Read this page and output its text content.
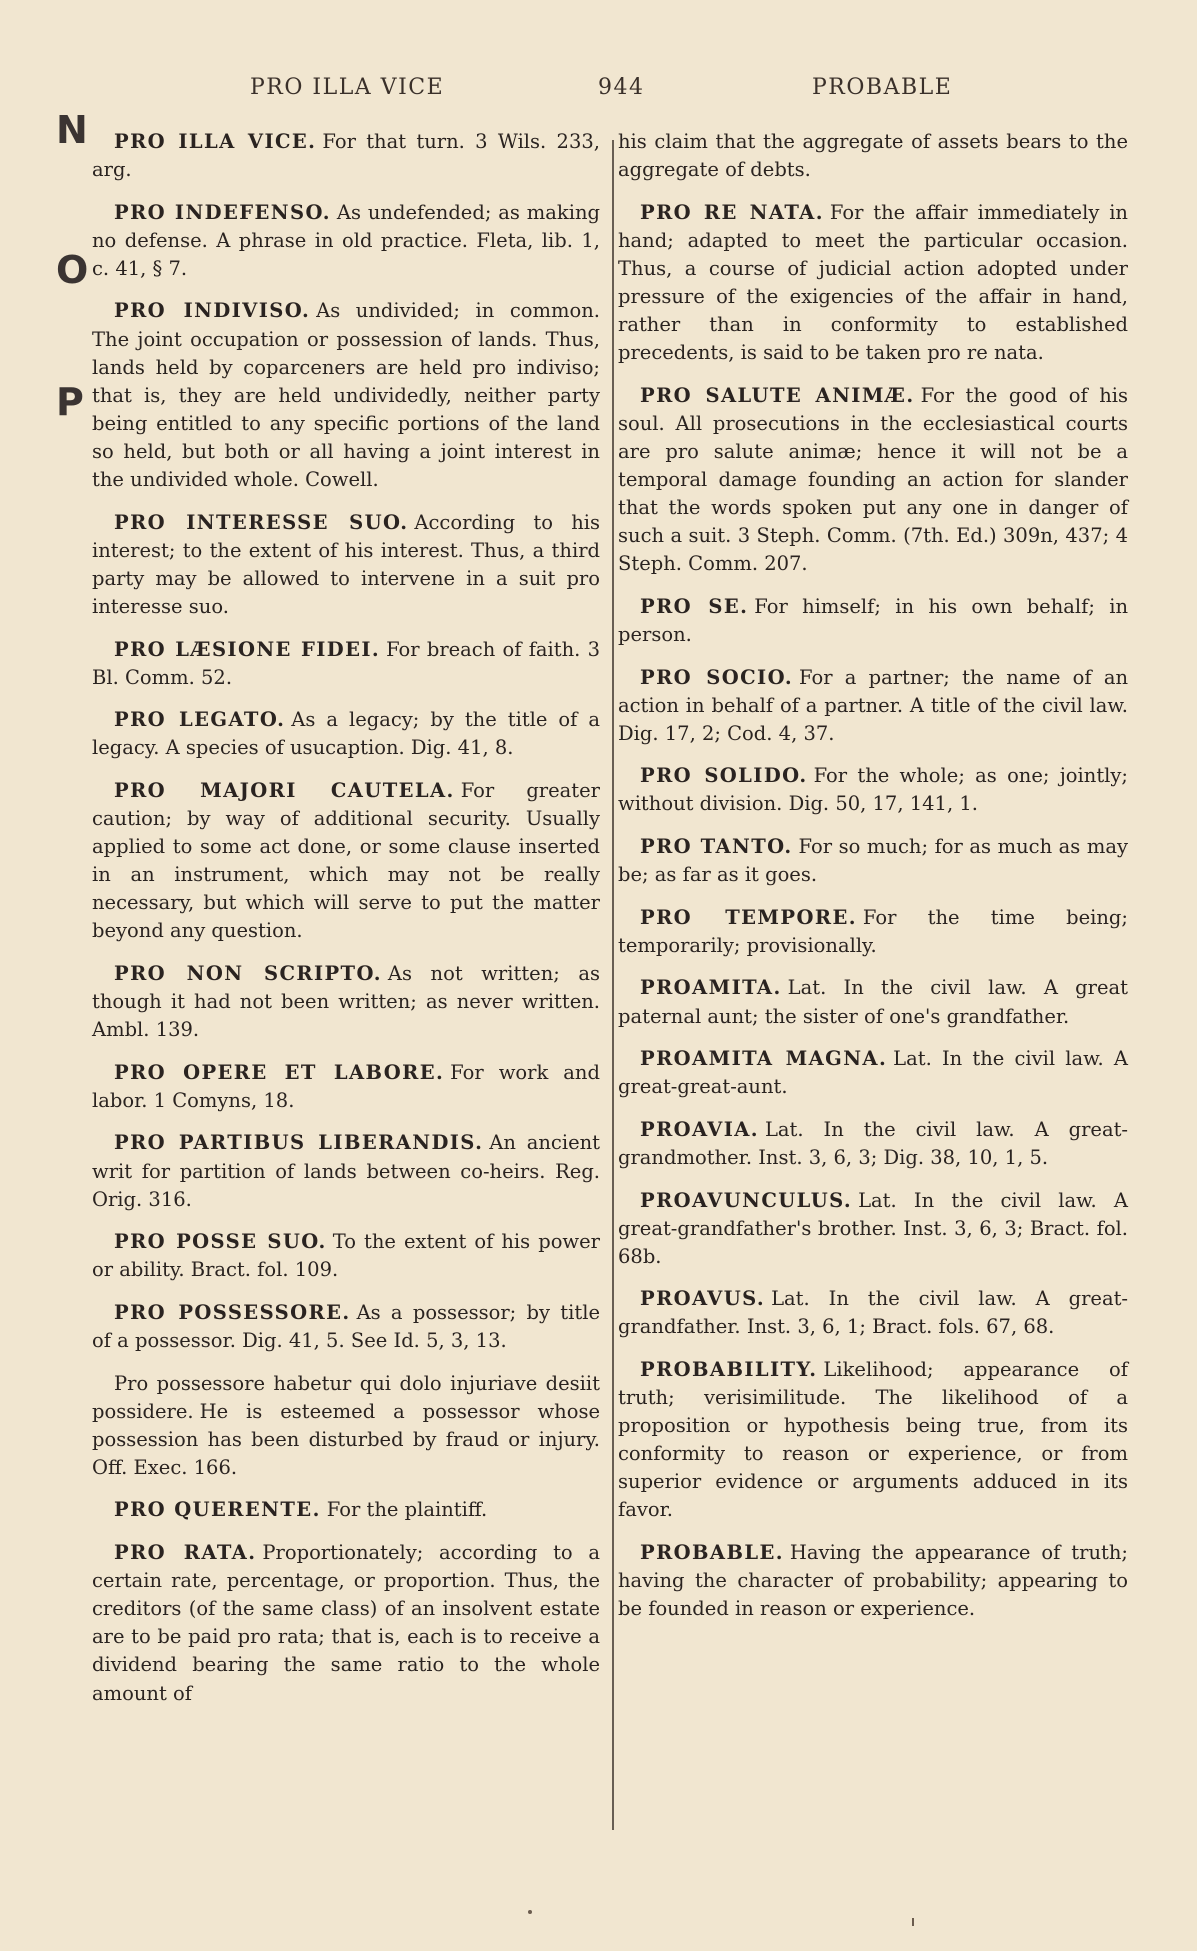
PRO ILLA VICE	944	PROBABLE
N
O
P

PRO ILLA VICE. For that turn. 3 Wils. 233, arg.

PRO INDEFENSO. As undefended; as making no defense. A phrase in old practice. Fleta, lib. 1, c. 41, § 7.

PRO INDIVISO. As undivided; in common. The joint occupation or possession of lands. Thus, lands held by coparceners are held pro indiviso; that is, they are held undividedly, neither party being entitled to any specific portions of the land so held, but both or all having a joint interest in the undivided whole. Cowell.

PRO INTERESSE SUO. According to his interest; to the extent of his interest. Thus, a third party may be allowed to intervene in a suit pro interesse suo.

PRO LÆSIONE FIDEI. For breach of faith. 3 Bl. Comm. 52.

PRO LEGATO. As a legacy; by the title of a legacy. A species of usucaption. Dig. 41, 8.

PRO MAJORI CAUTELA. For greater caution; by way of additional security. Usually applied to some act done, or some clause inserted in an instrument, which may not be really necessary, but which will serve to put the matter beyond any question.

PRO NON SCRIPTO. As not written; as though it had not been written; as never written. Ambl. 139.

PRO OPERE ET LABORE. For work and labor. 1 Comyns, 18.

PRO PARTIBUS LIBERANDIS. An ancient writ for partition of lands between co-heirs. Reg. Orig. 316.

PRO POSSE SUO. To the extent of his power or ability. Bract. fol. 109.

PRO POSSESSORE. As a possessor; by title of a possessor. Dig. 41, 5. See Id. 5, 3, 13.

Pro possessore habetur qui dolo injuriave desiit possidere. He is esteemed a possessor whose possession has been disturbed by fraud or injury. Off. Exec. 166.

PRO QUERENTE. For the plaintiff.

PRO RATA. Proportionately; according to a certain rate, percentage, or proportion. Thus, the creditors (of the same class) of an insolvent estate are to be paid pro rata; that is, each is to receive a dividend bearing the same ratio to the whole amount of

his claim that the aggregate of assets bears to the aggregate of debts.

PRO RE NATA. For the affair immediately in hand; adapted to meet the particular occasion. Thus, a course of judicial action adopted under pressure of the exigencies of the affair in hand, rather than in conformity to established precedents, is said to be taken pro re nata.

PRO SALUTE ANIMÆ. For the good of his soul. All prosecutions in the ecclesiastical courts are pro salute animæ; hence it will not be a temporal damage founding an action for slander that the words spoken put any one in danger of such a suit. 3 Steph. Comm. (7th. Ed.) 309n, 437; 4 Steph. Comm. 207.

PRO SE. For himself; in his own behalf; in person.

PRO SOCIO. For a partner; the name of an action in behalf of a partner. A title of the civil law. Dig. 17, 2; Cod. 4, 37.

PRO SOLIDO. For the whole; as one; jointly; without division. Dig. 50, 17, 141, 1.

PRO TANTO. For so much; for as much as may be; as far as it goes.

PRO TEMPORE. For the time being; temporarily; provisionally.

PROAMITA. Lat. In the civil law. A great paternal aunt; the sister of one's grandfather.

PROAMITA MAGNA. Lat. In the civil law. A great-great-aunt.

PROAVIA. Lat. In the civil law. A great-grandmother. Inst. 3, 6, 3; Dig. 38, 10, 1, 5.

PROAVUNCULUS. Lat. In the civil law. A great-grandfather's brother. Inst. 3, 6, 3; Bract. fol. 68b.

PROAVUS. Lat. In the civil law. A great-grandfather. Inst. 3, 6, 1; Bract. fols. 67, 68.

PROBABILITY. Likelihood; appearance of truth; verisimilitude. The likelihood of a proposition or hypothesis being true, from its conformity to reason or experience, or from superior evidence or arguments adduced in its favor.

PROBABLE. Having the appearance of truth; having the character of probability; appearing to be founded in reason or experience.
